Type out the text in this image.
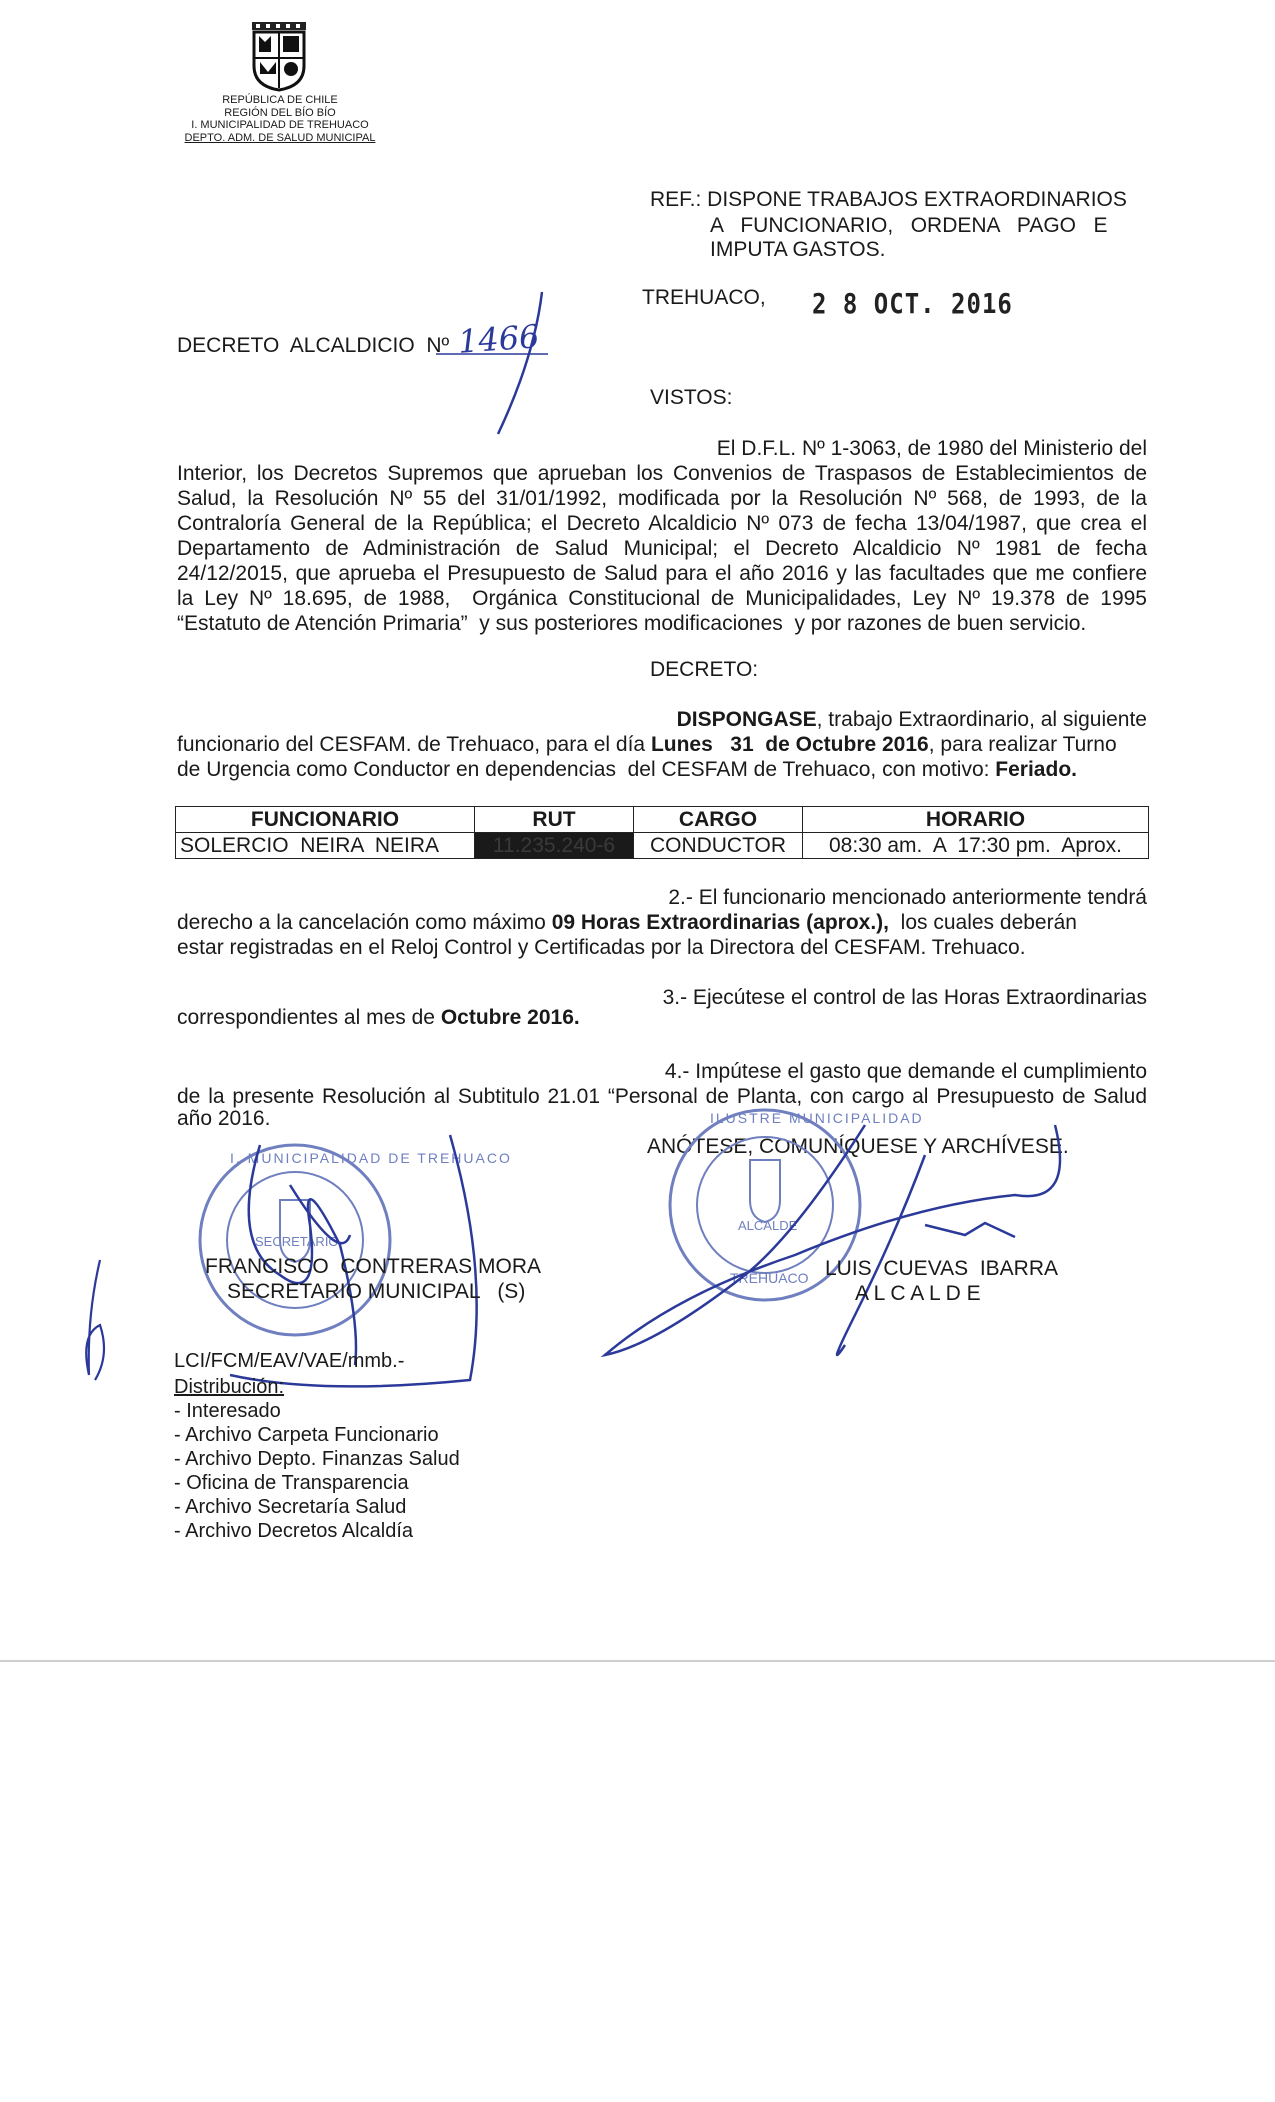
REPÚBLICA DE CHILE
REGIÓN DEL BÍO BÍO
I. MUNICIPALIDAD DE TREHUACO
DEPTO. ADM. DE SALUD MUNICIPAL
REF.: DISPONE TRABAJOS EXTRAORDINARIOS
A   FUNCIONARIO,   ORDENA   PAGO   E
IMPUTA GASTOS.
TREHUACO, 2 8 OCT. 2016
DECRETO  ALCALDICIO  Nº 1466
VISTOS:
El D.F.L. Nº 1-3063, de 1980 del Ministerio del
Interior, los Decretos Supremos que aprueban los Convenios de Traspasos de Establecimientos de
Salud, la Resolución Nº 55 del 31/01/1992, modificada por la Resolución Nº 568, de 1993, de la
Contraloría General de la República; el Decreto Alcaldicio Nº 073 de fecha 13/04/1987, que crea el
Departamento de Administración de Salud Municipal; el Decreto Alcaldicio Nº 1981 de fecha
24/12/2015, que aprueba el Presupuesto de Salud para el año 2016 y las facultades que me confiere
la Ley Nº 18.695, de 1988,  Orgánica Constitucional de Municipalidades, Ley Nº 19.378 de 1995
“Estatuto de Atención Primaria”  y sus posteriores modificaciones  y por razones de buen servicio.
DECRETO:
DISPONGASE, trabajo Extraordinario, al siguiente
funcionario del CESFAM. de Trehuaco, para el día Lunes   31  de Octubre 2016, para realizar Turno
de Urgencia como Conductor en dependencias  del CESFAM de Trehuaco, con motivo: Feriado.
FUNCIONARIO	RUT	CARGO	HORARIO
SOLERCIO  NEIRA  NEIRA	11.235.240-6	CONDUCTOR	08:30 am.  A  17:30 pm.  Aprox.
2.- El funcionario mencionado anteriormente tendrá
derecho a la cancelación como máximo 09 Horas Extraordinarias (aprox.),  los cuales deberán
estar registradas en el Reloj Control y Certificadas por la Directora del CESFAM. Trehuaco.
3.- Ejecútese el control de las Horas Extraordinarias
correspondientes al mes de Octubre 2016.
4.- Impútese el gasto que demande el cumplimiento
de la presente Resolución al Subtitulo 21.01 “Personal de Planta, con cargo al Presupuesto de Salud
año 2016.
ANÓTESE, COMUNÍQUESE Y ARCHÍVESE.
I. MUNICIPALIDAD DE TREHUACO
SECRETARIO
ILUSTRE MUNICIPALIDAD
ALCALDE
TREHUACO
FRANCISCO  CONTRERAS MORA
SECRETARIO MUNICIPAL   (S)
LUIS  CUEVAS  IBARRA
A L C A L D E
LCI/FCM/EAV/VAE/mmb.-
Distribución:
- Interesado
- Archivo Carpeta Funcionario
- Archivo Depto. Finanzas Salud
- Oficina de Transparencia
- Archivo Secretaría Salud
- Archivo Decretos Alcaldía
